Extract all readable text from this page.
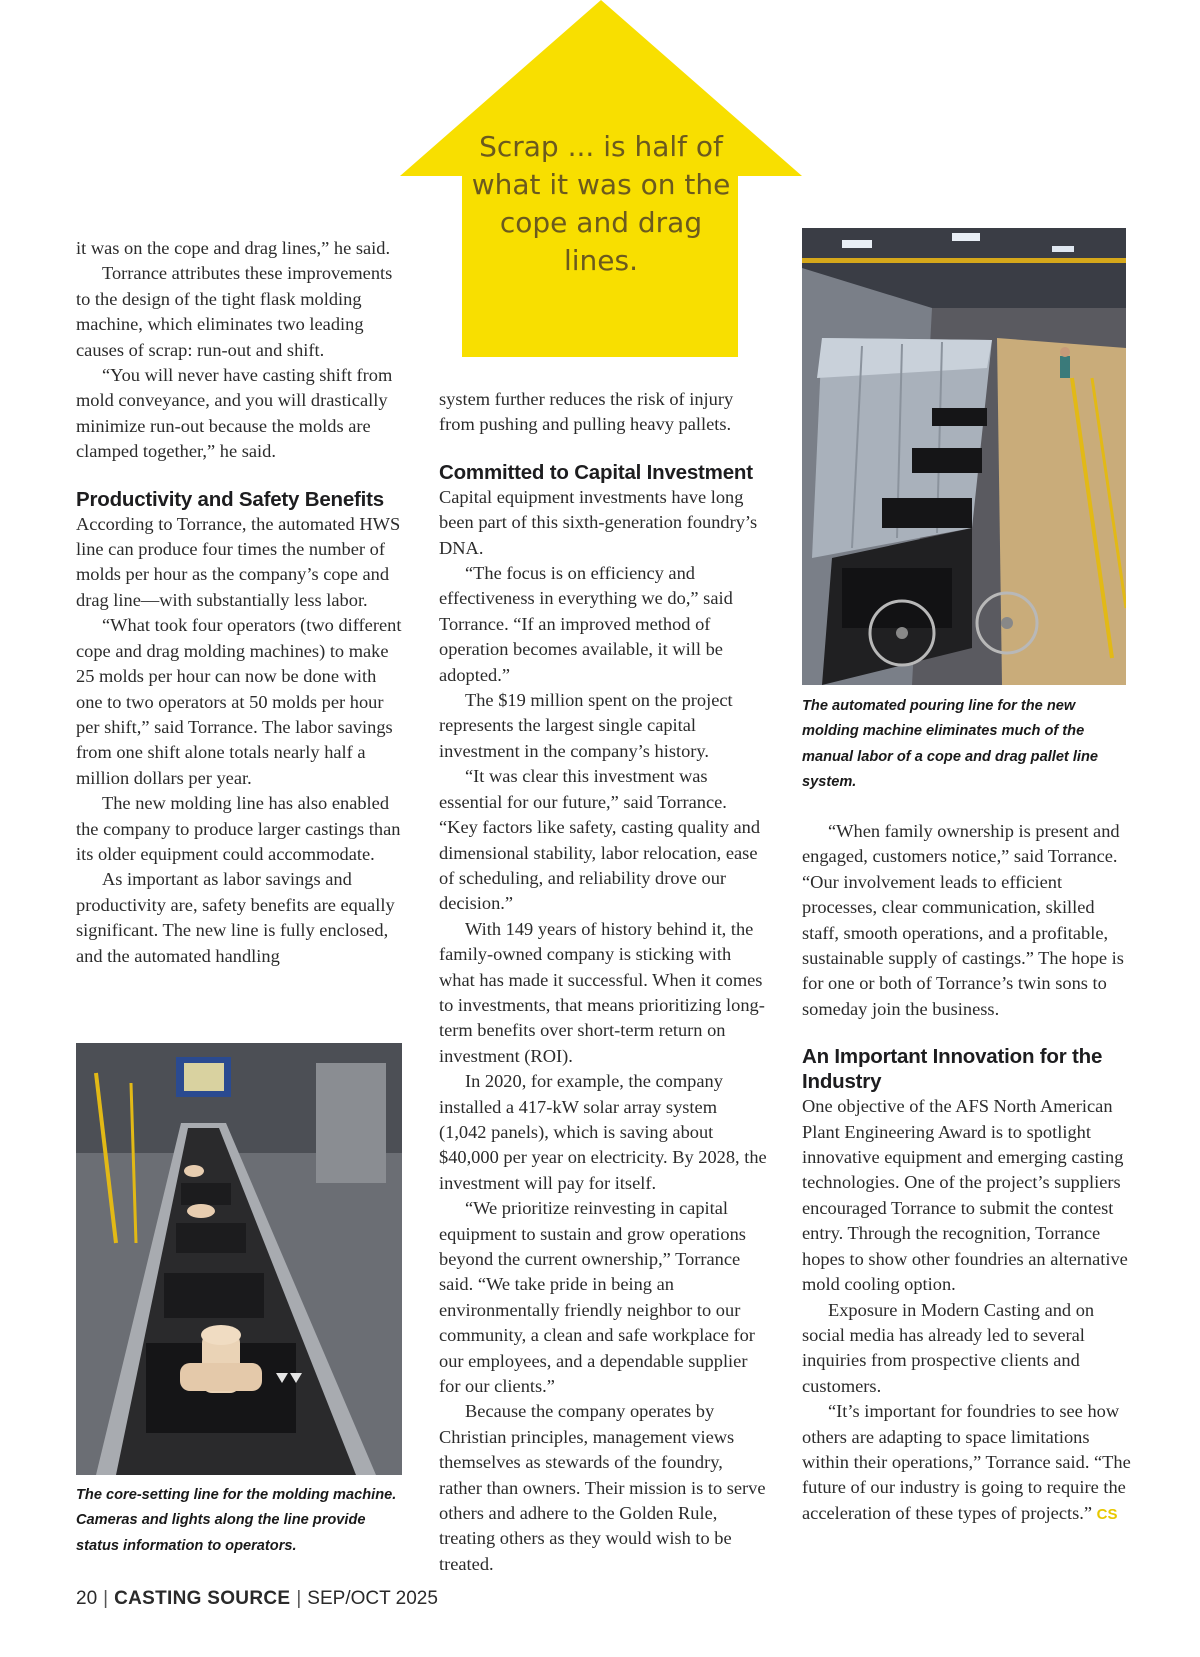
Scrap ... is half of what it was on the cope and drag lines.

it was on the cope and drag lines,” he said.

Torrance attributes these improvements to the design of the tight flask molding machine, which eliminates two leading causes of scrap: run-out and shift.

“You will never have casting shift from mold conveyance, and you will drastically minimize run-out because the molds are clamped together,” he said.

Productivity and Safety Benefits

According to Torrance, the automated HWS line can produce four times the number of molds per hour as the company’s cope and drag line—with substantially less labor.

“What took four operators (two different cope and drag molding machines) to make 25 molds per hour can now be done with one to two operators at 50 molds per hour per shift,” said Torrance. The labor savings from one shift alone totals nearly half a million dollars per year.

The new molding line has also enabled the company to produce larger castings than its older equipment could accommodate.

As important as labor savings and productivity are, safety benefits are equally significant. The new line is fully enclosed, and the automated handling

system further reduces the risk of injury from pushing and pulling heavy pallets.

Committed to Capital Investment

Capital equipment investments have long been part of this sixth-generation foundry’s DNA.

“The focus is on efficiency and effectiveness in everything we do,” said Torrance. “If an improved method of operation becomes available, it will be adopted.”

The $19 million spent on the project represents the largest single capital investment in the company’s history.

“It was clear this investment was essential for our future,” said Torrance. “Key factors like safety, casting quality and dimensional stability, labor relocation, ease of scheduling, and reliability drove our decision.”

With 149 years of history behind it, the family-owned company is sticking with what has made it successful. When it comes to investments, that means prioritizing long-term benefits over short-term return on investment (ROI).

In 2020, for example, the company installed a 417-kW solar array system (1,042 panels), which is saving about $40,000 per year on electricity. By 2028, the investment will pay for itself.

“We prioritize reinvesting in capital equipment to sustain and grow operations beyond the current ownership,” Torrance said. “We take pride in being an environmentally friendly neighbor to our community, a clean and safe workplace for our employees, and a dependable supplier for our clients.”

Because the company operates by Christian principles, management views themselves as stewards of the foundry, rather than owners. Their mission is to serve others and adhere to the Golden Rule, treating others as they would wish to be treated.

“When family ownership is present and engaged, customers notice,” said Torrance. “Our involvement leads to efficient processes, clear communication, skilled staff, smooth operations, and a profitable, sustainable supply of castings.” The hope is for one or both of Torrance’s twin sons to someday join the business.

An Important Innovation for the Industry

One objective of the AFS North American Plant Engineering Award is to spotlight innovative equipment and emerging casting technologies. One of the project’s suppliers encouraged Torrance to submit the contest entry. Through the recognition, Torrance hopes to show other foundries an alternative mold cooling option.

Exposure in Modern Casting and on social media has already led to several inquiries from prospective clients and customers.

“It’s important for foundries to see how others are adapting to space limitations within their operations,” Torrance said. “The future of our industry is going to require the acceleration of these types of projects.” CS

The automated pouring line for the new molding machine eliminates much of the manual labor of a cope and drag pallet line system.
The core-setting line for the molding machine. Cameras and lights along the line provide status information to operators.
20 | CASTING SOURCE | SEP/OCT 2025
